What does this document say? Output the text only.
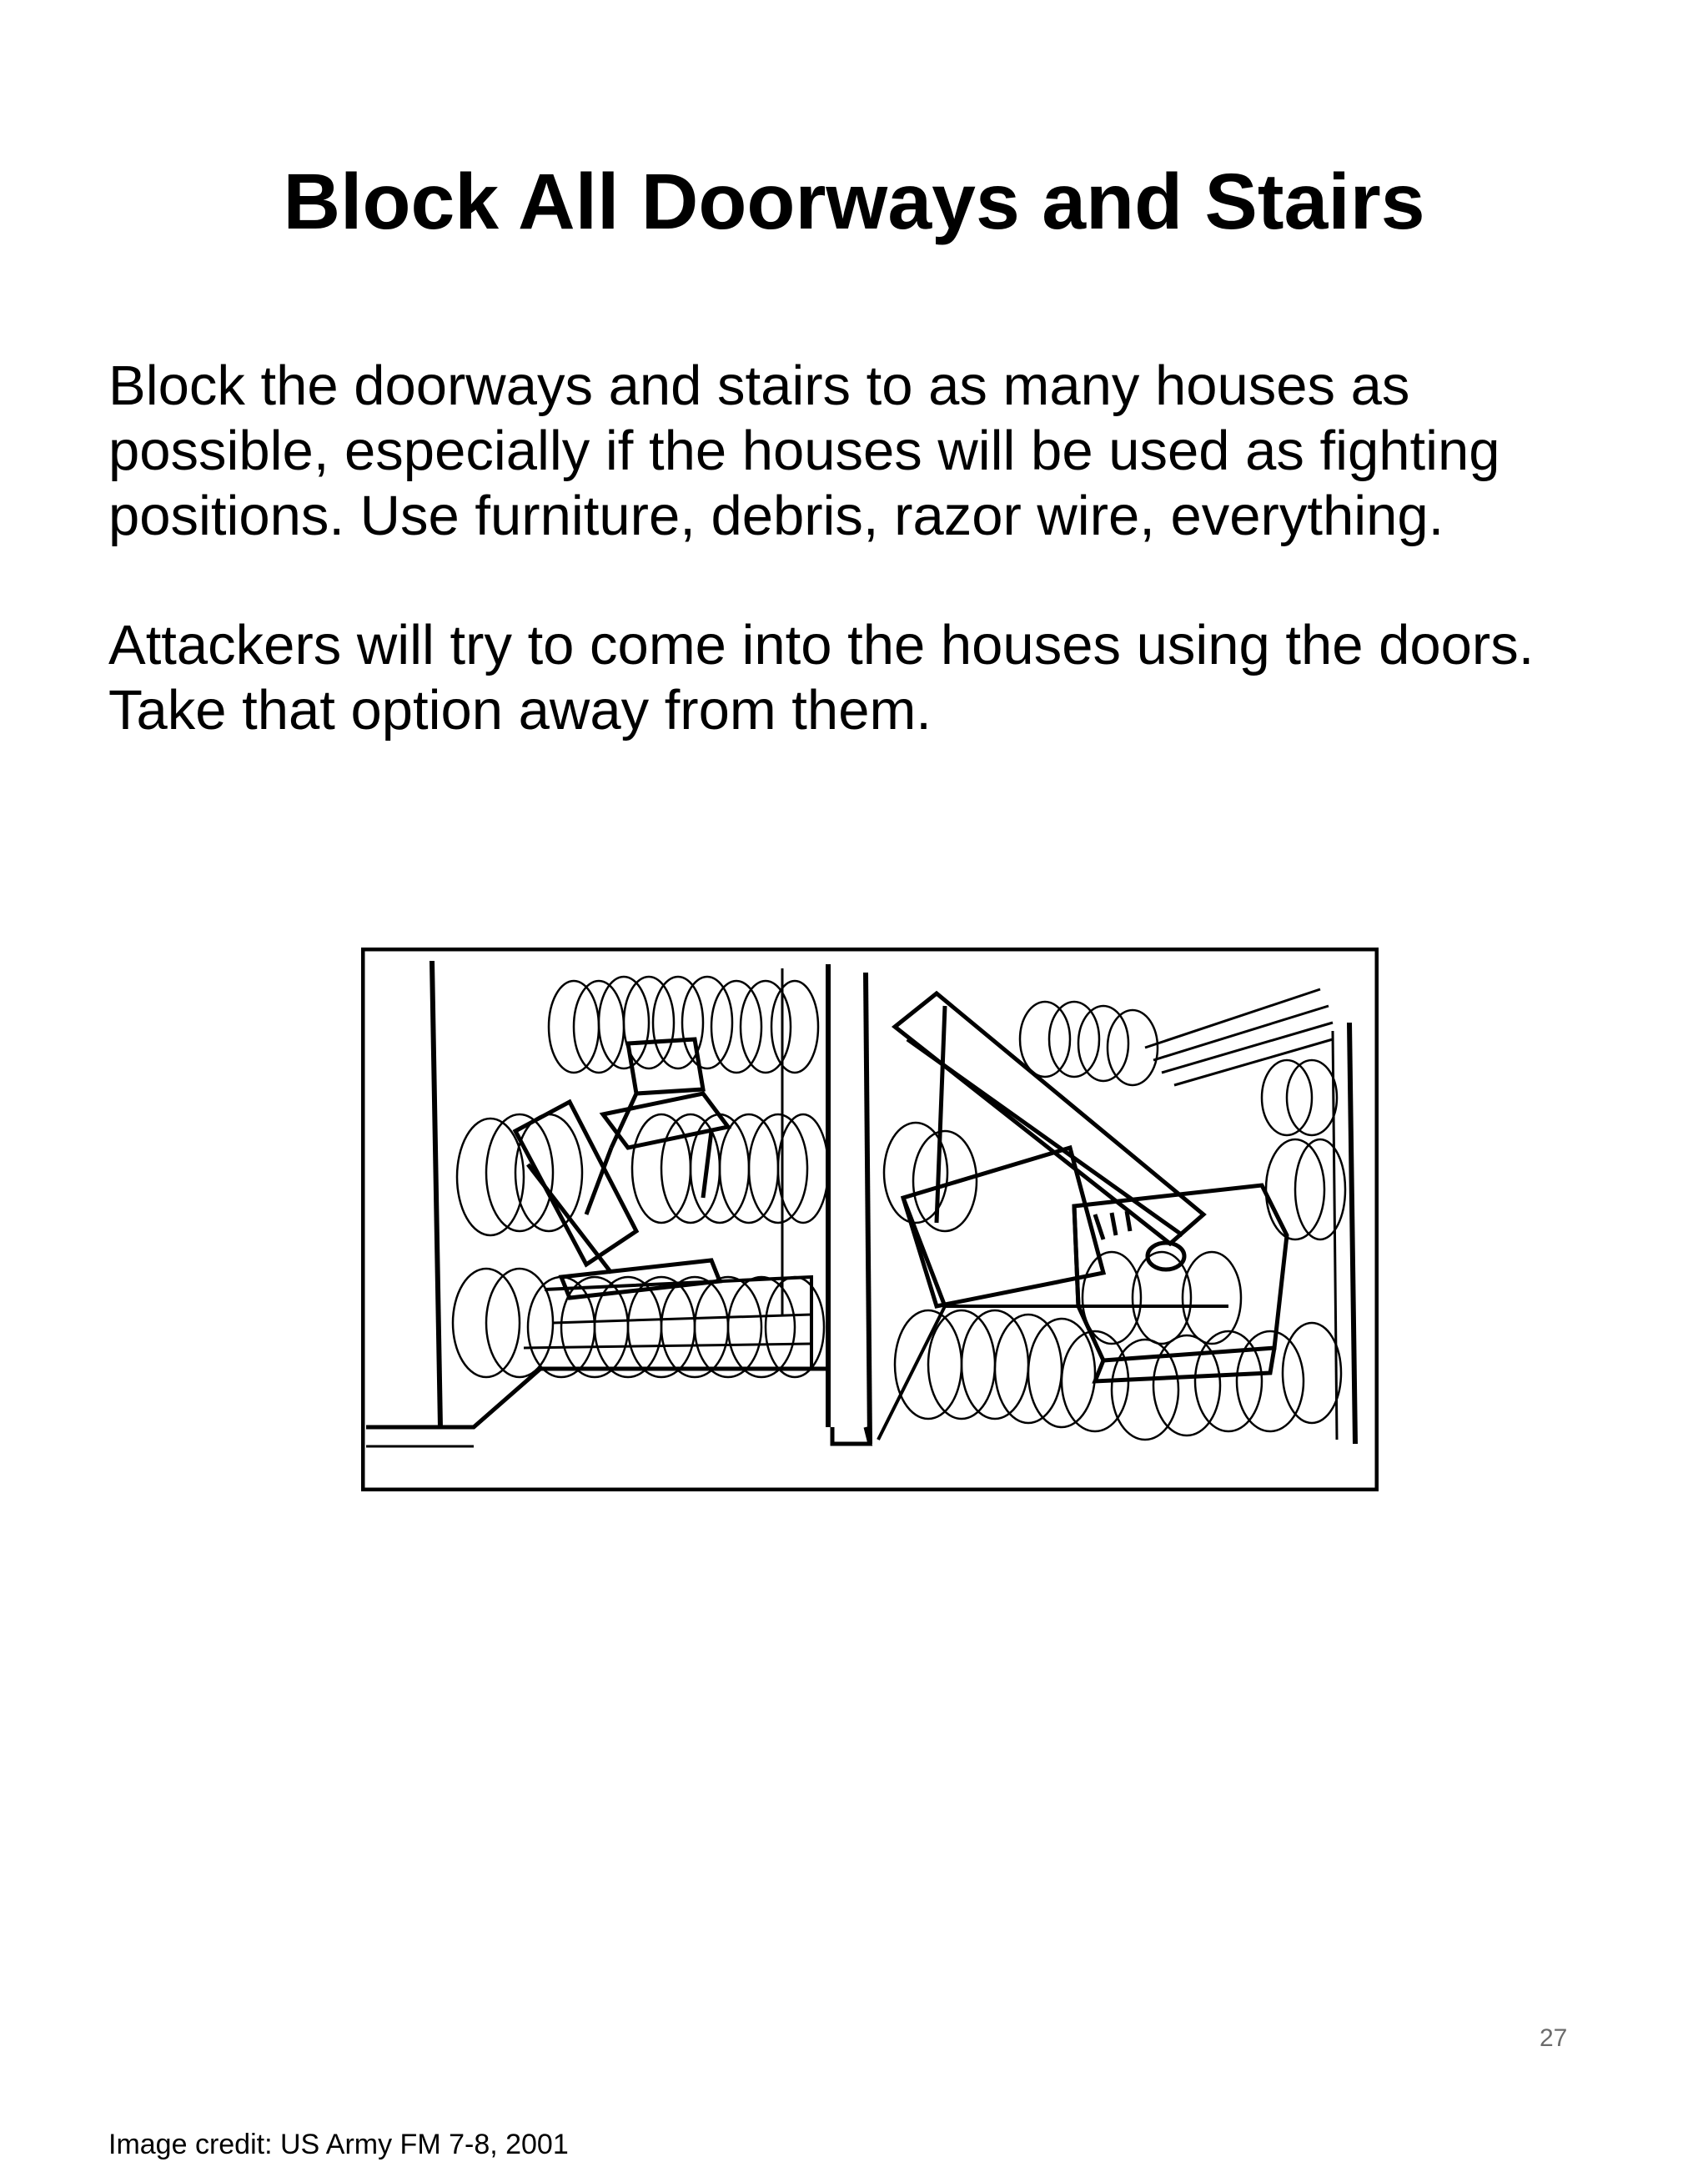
Block All Doorways and Stairs

Block the doorways and stairs to as many houses as possible, especially if the houses will be used as fighting positions. Use furniture, debris, razor wire, everything.

Attackers will try to come into the houses using the doors. Take that option away from them.

27
Image credit: US Army FM 7-8, 2001
